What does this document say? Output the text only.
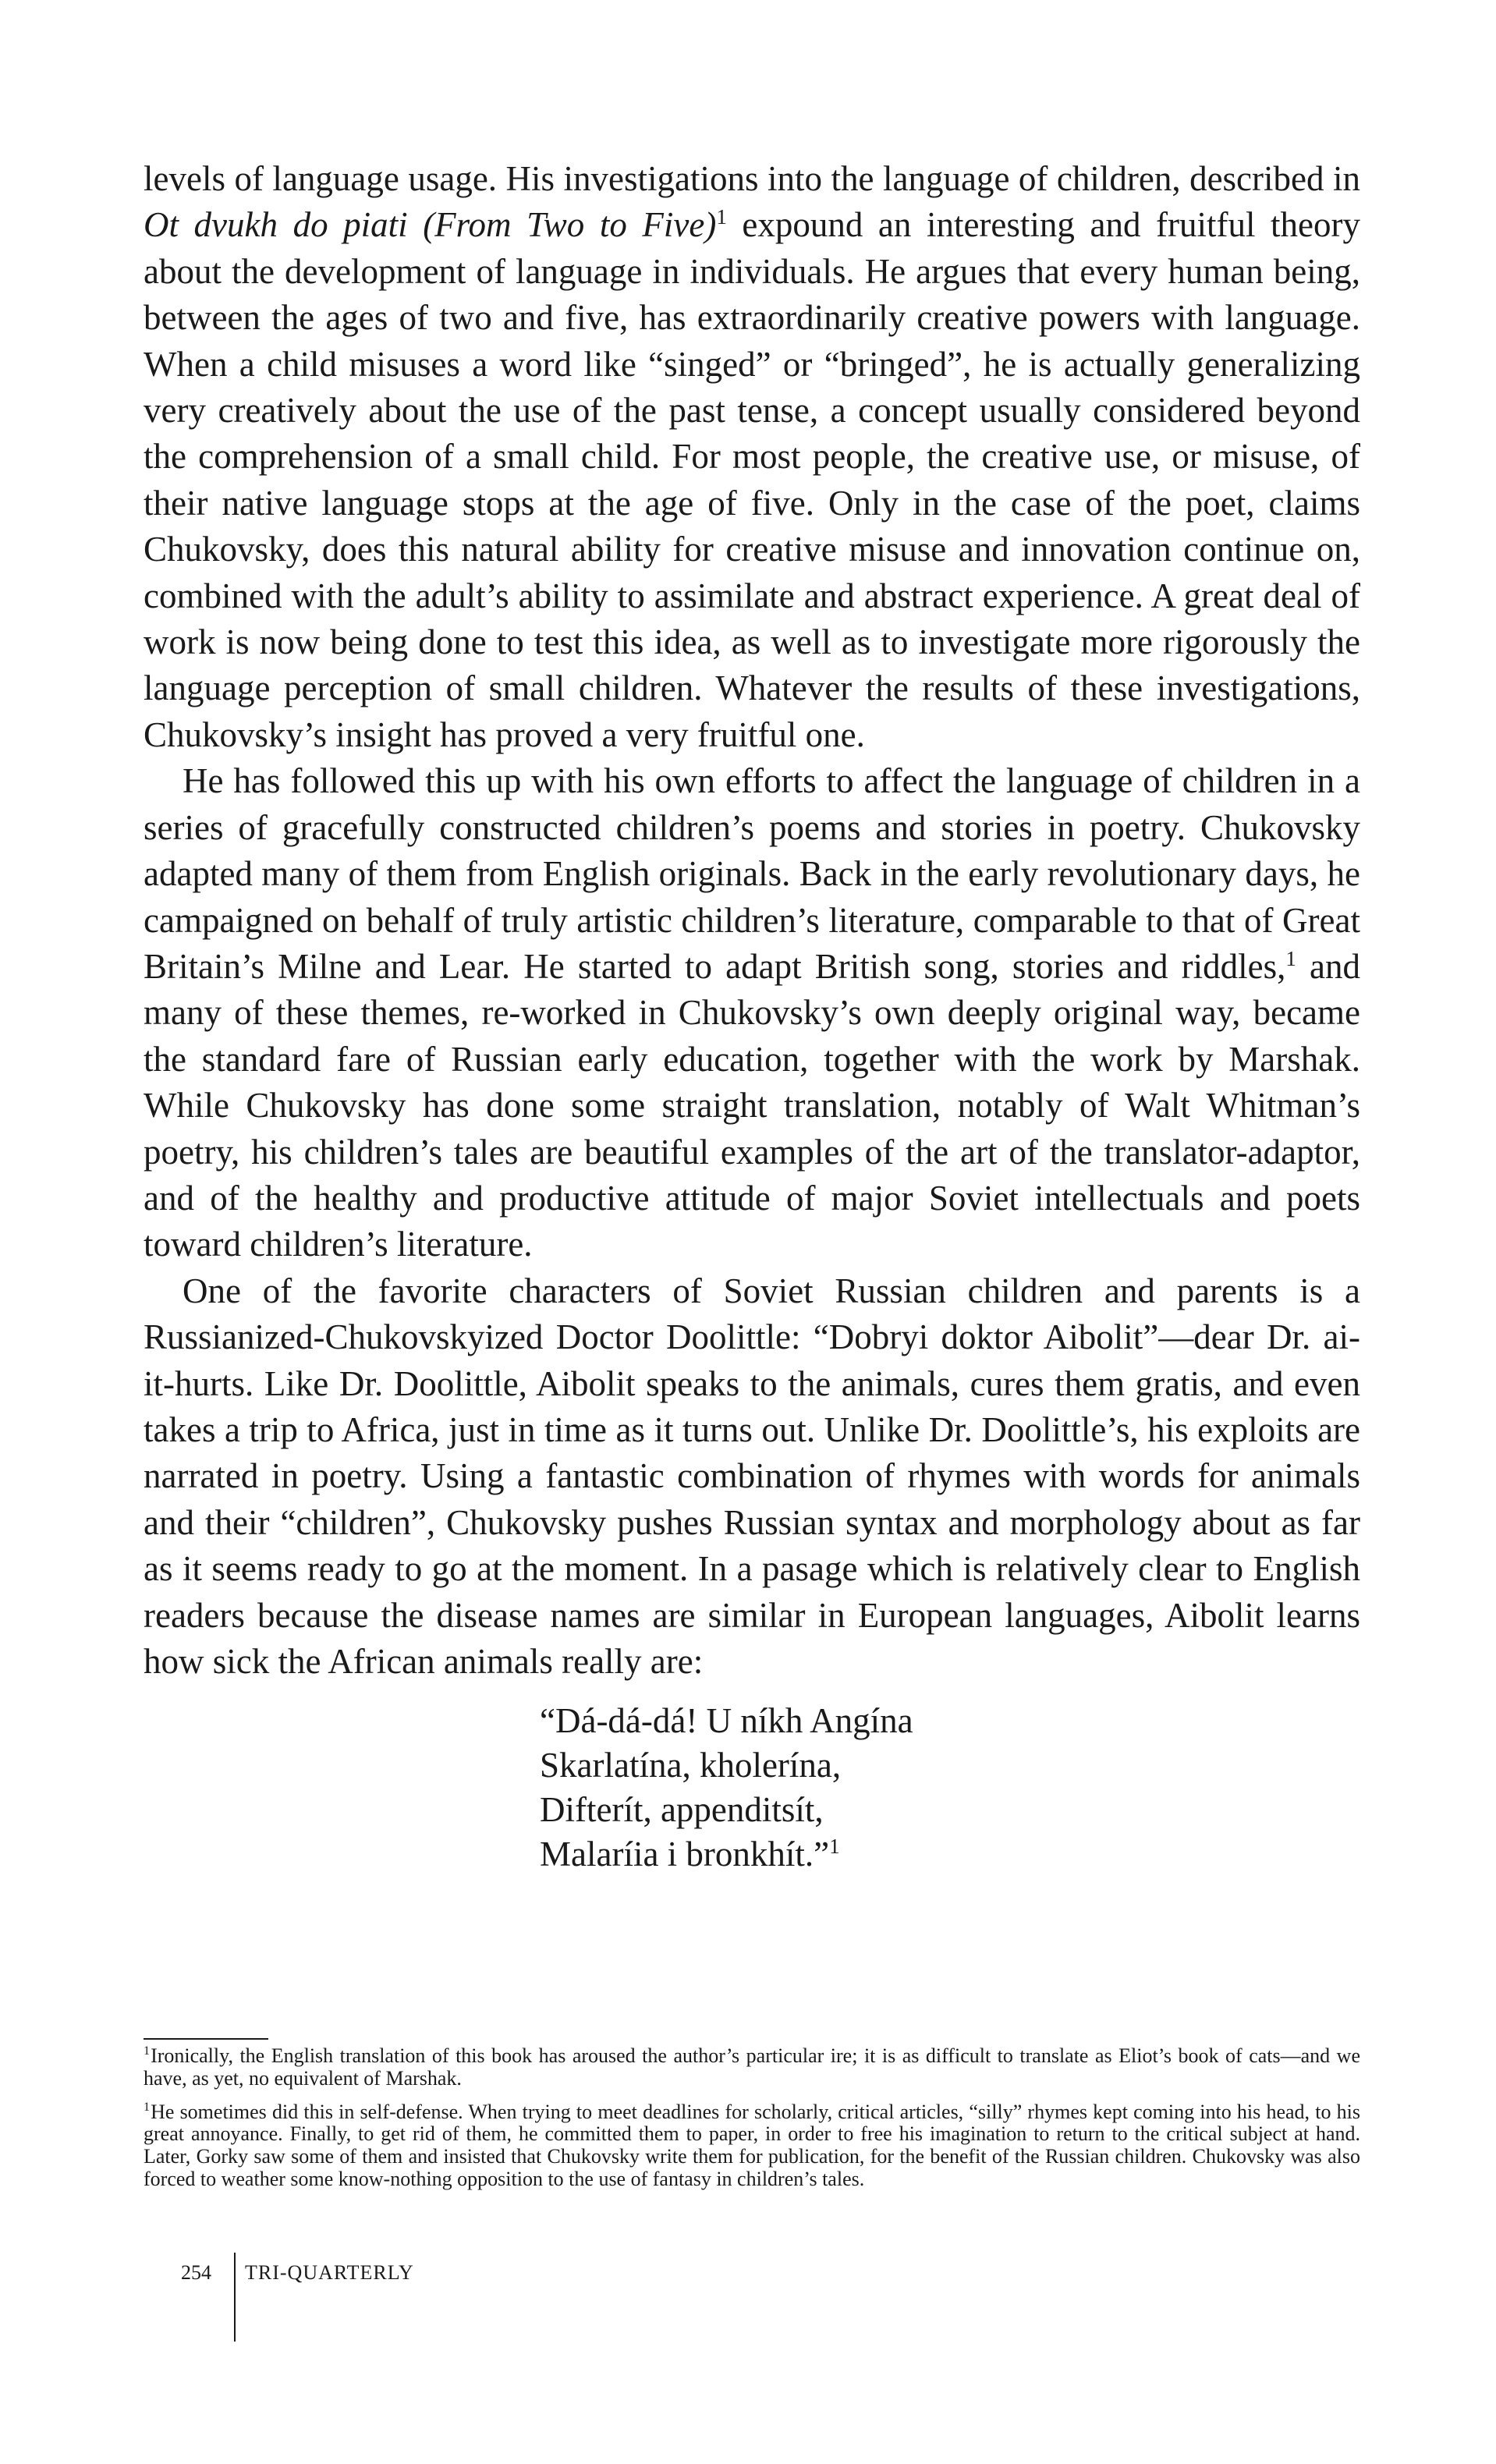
levels of language usage. His investigations into the language of children, described in Ot dvukh do piati (From Two to Five)$^1$ expound an interesting and fruitful theory about the development of language in individuals. He argues that every human being, between the ages of two and five, has extraordinarily creative powers with language. When a child misuses a word like “singed” or “bringed”, he is actually generalizing very creatively about the use of the past tense, a concept usually considered beyond the comprehension of a small child. For most people, the creative use, or misuse, of their native language stops at the age of five. Only in the case of the poet, claims Chukovsky, does this natural ability for creative misuse and innovation continue on, combined with the adult’s ability to assimilate and abstract experience. A great deal of work is now being done to test this idea, as well as to investigate more rigorously the language perception of small children. Whatever the results of these investigations, Chukovsky’s insight has proved a very fruitful one.

He has followed this up with his own efforts to affect the language of children in a series of gracefully constructed children’s poems and stories in poetry. Chukovsky adapted many of them from English originals. Back in the early revolutionary days, he campaigned on behalf of truly artistic children’s literature, comparable to that of Great Britain’s Milne and Lear. He started to adapt British song, stories and riddles,$^1$ and many of these themes, re-worked in Chukovsky’s own deeply original way, became the standard fare of Russian early education, together with the work by Marshak. While Chukovsky has done some straight translation, notably of Walt Whitman’s poetry, his children’s tales are beautiful examples of the art of the translator-adaptor, and of the healthy and productive attitude of major Soviet intellectuals and poets toward children’s literature.

One of the favorite characters of Soviet Russian children and parents is a Russianized-Chukovskyized Doctor Doolittle: “Dobryi doktor Aibolit”—dear Dr. ai-it-hurts. Like Dr. Doolittle, Aibolit speaks to the animals, cures them gratis, and even takes a trip to Africa, just in time as it turns out. Unlike Dr. Doolittle’s, his exploits are narrated in poetry. Using a fantastic combination of rhymes with words for animals and their “children”, Chukovsky pushes Russian syntax and morphology about as far as it seems ready to go at the moment. In a pasage which is relatively clear to English readers because the disease names are similar in European languages, Aibolit learns how sick the African animals really are:

“Dá-dá-dá! U níkh Angína
Skarlatína, kholerína,
Difterít, appenditsít,
Malaríia i bronkhít.”$^1$

$^1$Ironically, the English translation of this book has aroused the author’s particular ire; it is as difficult to translate as Eliot’s book of cats—and we have, as yet, no equivalent of Marshak.

$^1$He sometimes did this in self-defense. When trying to meet deadlines for scholarly, critical articles, “silly” rhymes kept coming into his head, to his great annoyance. Finally, to get rid of them, he committed them to paper, in order to free his imagination to return to the critical subject at hand. Later, Gorky saw some of them and insisted that Chukovsky write them for publication, for the benefit of the Russian children. Chukovsky was also forced to weather some know-nothing opposition to the use of fantasy in children’s tales.

254 TRI-QUARTERLY
